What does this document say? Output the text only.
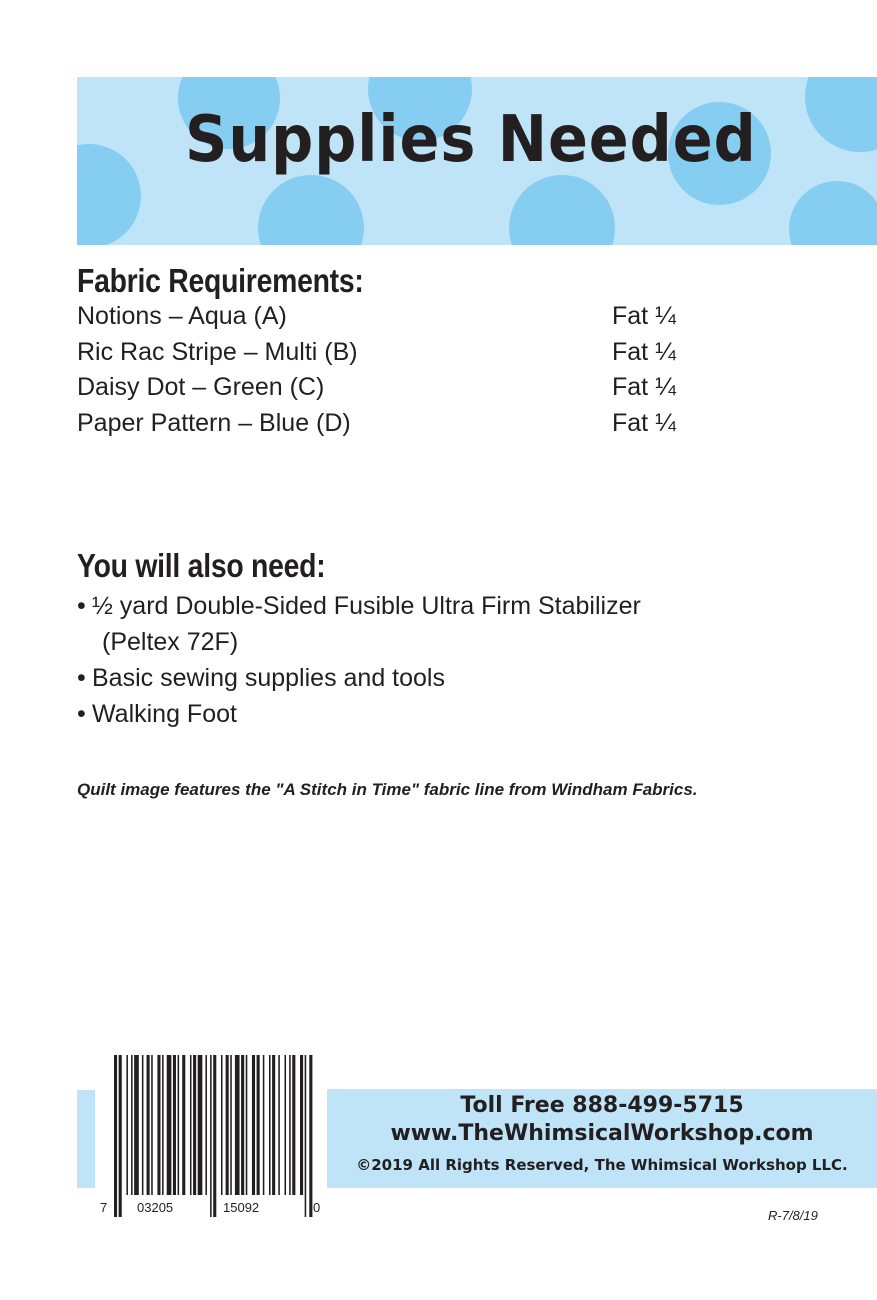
Supplies Needed
Fabric Requirements:
Notions – Aqua (A)	Fat ¼
Ric Rac Stripe – Multi (B)	Fat ¼
Daisy Dot – Green (C)	Fat ¼
Paper Pattern – Blue (D)	Fat ¼
You will also need:
• ½ yard Double-Sided Fusible Ultra Firm Stabilizer
(Peltex 72F)
• Basic sewing supplies and tools
• Walking Foot

Quilt image features the "A Stitch in Time" fabric line from Windham Fabrics.

7 03205	15092	0

Toll Free 888-499-5715

www.TheWhimsicalWorkshop.com

©2019 All Rights Reserved, The Whimsical Workshop LLC.

R-7/8/19
